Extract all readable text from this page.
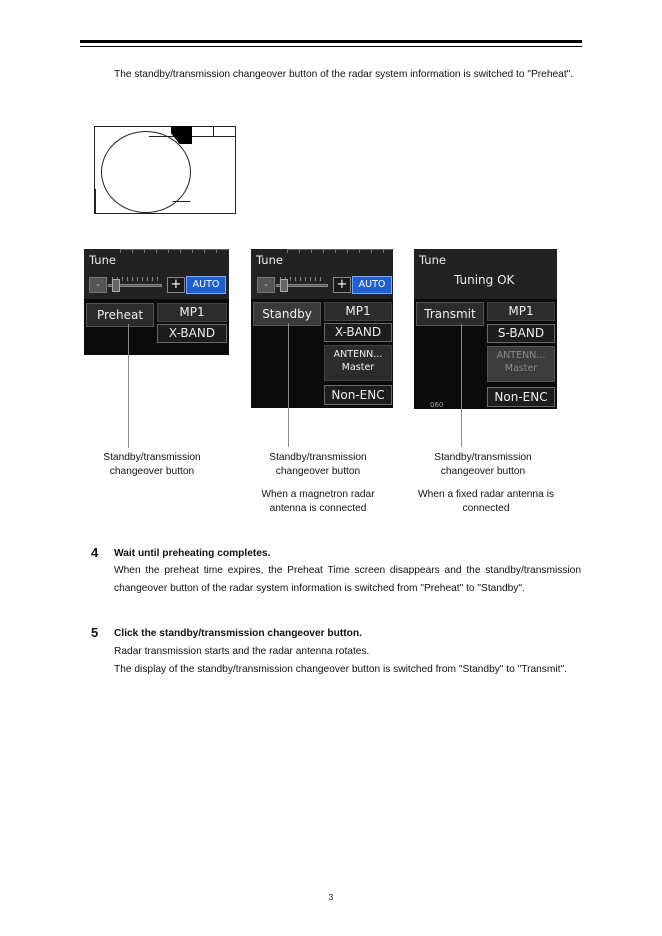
The standby/transmission changeover button of the radar system information is switched to "Preheat".

Tune
-	+	AUTO
Preheat	MP1
X-BAND
Tune
-	+	AUTO
Standby	MP1
X-BAND
ANTENN...
Master
Non-ENC
Tune
Tuning OK
Transmit	MP1
S-BAND
ANTENN...
Master
Non-ENC
060
Standby/transmission changeover button
Standby/transmission changeover button
Standby/transmission changeover button
When a magnetron radar antenna is connected
When a fixed radar antenna is connected
4 Wait until preheating completes.

When the preheat time expires, the Preheat Time screen disappears and the standby/transmission changeover button of the radar system information is switched from "Preheat" to "Standby".

5 Click the standby/transmission changeover button.

Radar transmission starts and the radar antenna rotates.

The display of the standby/transmission changeover button is switched from "Standby" to "Transmit".

3
